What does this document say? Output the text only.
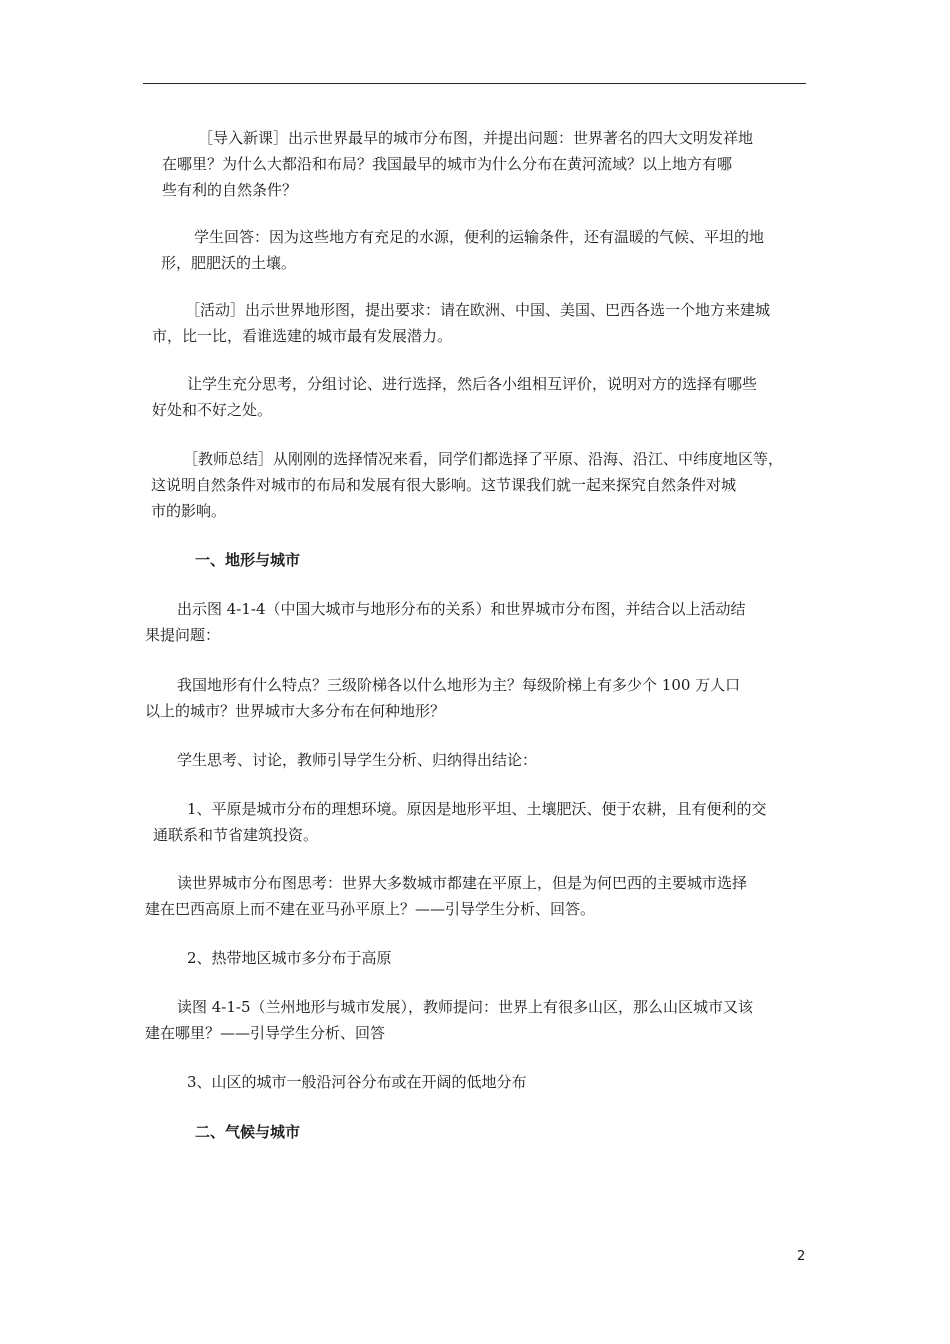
［导入新课］出示世界最早的城市分布图，并提出问题：世界著名的四大文明发祥地

在哪里？为什么大都沿和布局？我国最早的城市为什么分布在黄河流域？以上地方有哪

些有利的自然条件？

学生回答：因为这些地方有充足的水源，便利的运输条件，还有温暖的气候、平坦的地

形，肥肥沃的土壤。

［活动］出示世界地形图，提出要求：请在欧洲、中国、美国、巴西各选一个地方来建城

市，比一比，看谁选建的城市最有发展潜力。

让学生充分思考，分组讨论、进行选择，然后各小组相互评价，说明对方的选择有哪些

好处和不好之处。

［教师总结］从刚刚的选择情况来看，同学们都选择了平原、沿海、沿江、中纬度地区等，

这说明自然条件对城市的布局和发展有很大影响。这节课我们就一起来探究自然条件对城

市的影响。

一、地形与城市

出示图 4-1-4（中国大城市与地形分布的关系）和世界城市分布图，并结合以上活动结

果提问题：

我国地形有什么特点？三级阶梯各以什么地形为主？每级阶梯上有多少个 100 万人口

以上的城市？世界城市大多分布在何种地形？

学生思考、讨论，教师引导学生分析、归纳得出结论：

1、平原是城市分布的理想环境。原因是地形平坦、土壤肥沃、便于农耕，且有便利的交

通联系和节省建筑投资。

读世界城市分布图思考：世界大多数城市都建在平原上，但是为何巴西的主要城市选择

建在巴西高原上而不建在亚马孙平原上？——引导学生分析、回答。

2、热带地区城市多分布于高原

读图 4-1-5（兰州地形与城市发展），教师提问：世界上有很多山区，那么山区城市又该

建在哪里？——引导学生分析、回答

3、山区的城市一般沿河谷分布或在开阔的低地分布

二、气候与城市

2
